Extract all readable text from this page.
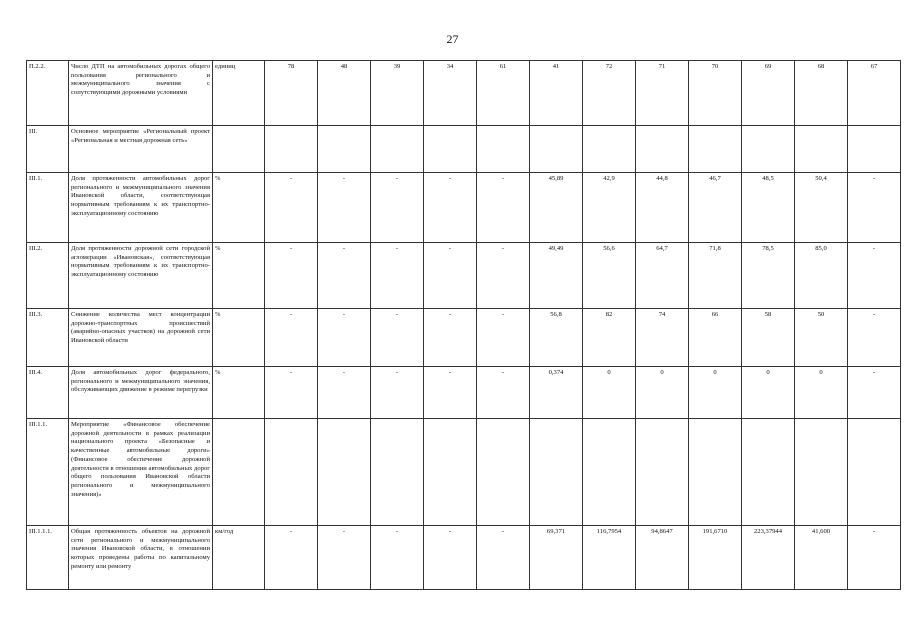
27
П.2.2.	Число ДТП на автомобильных дорогах общего пользования регионального и межмуниципального значения с сопутствующими дорожными условиями	единиц	78	48	39	34	61	41	72	71	70	69	68	67
III.	Основное мероприятие «Региональный проект «Региональная и местная дорожная сеть»													
III.1.	Доля протяженности автомобильных дорог регионального и межмуниципального значения Ивановской области, соответствующая нормативным требованиям к их транспортно-эксплуатационному состоянию	%	-	-	-	-	-	45,89	42,9	44,8	46,7	48,5	50,4	-
III.2.	Доля протяженности дорожной сети городской агломерации «Ивановская», соответствующая нормативным требованиям к их транспортно-эксплуатационному состоянию	%	-	-	-	-	-	49,49	56,6	64,7	71,8	78,5	85,0	-
III.3.	Снижение количества мест концентрации дорожно-транспортных происшествий (аварийно-опасных участков) на дорожной сети Ивановской области	%	-	-	-	-	-	56,8	82	74	66	58	50	-
III.4.	Доля автомобильных дорог федерального, регионального и межмуниципального значения, обслуживающих движение в режиме перегрузки	%	-	-	-	-	-	0,374	0	0	0	0	0	-
III.1.1.	Мероприятие «Финансовое обеспечение дорожной деятельности в рамках реализации национального проекта «Безопасные и качественные автомобильные дороги» (Финансовое обеспечение дорожной деятельности в отношении автомобильных дорог общего пользования Ивановской области регионального и межмуниципального значения)»													
III.1.1.1.	Общая протяженность объектов на дорожной сети регионального и межмуниципального значения Ивановской области, в отношении которых проведены работы по капитальному ремонту или ремонту	км/год	-	-	-	-	-	69,371	116,7954	94,8647	191,6710	223,37944	41,600	-
